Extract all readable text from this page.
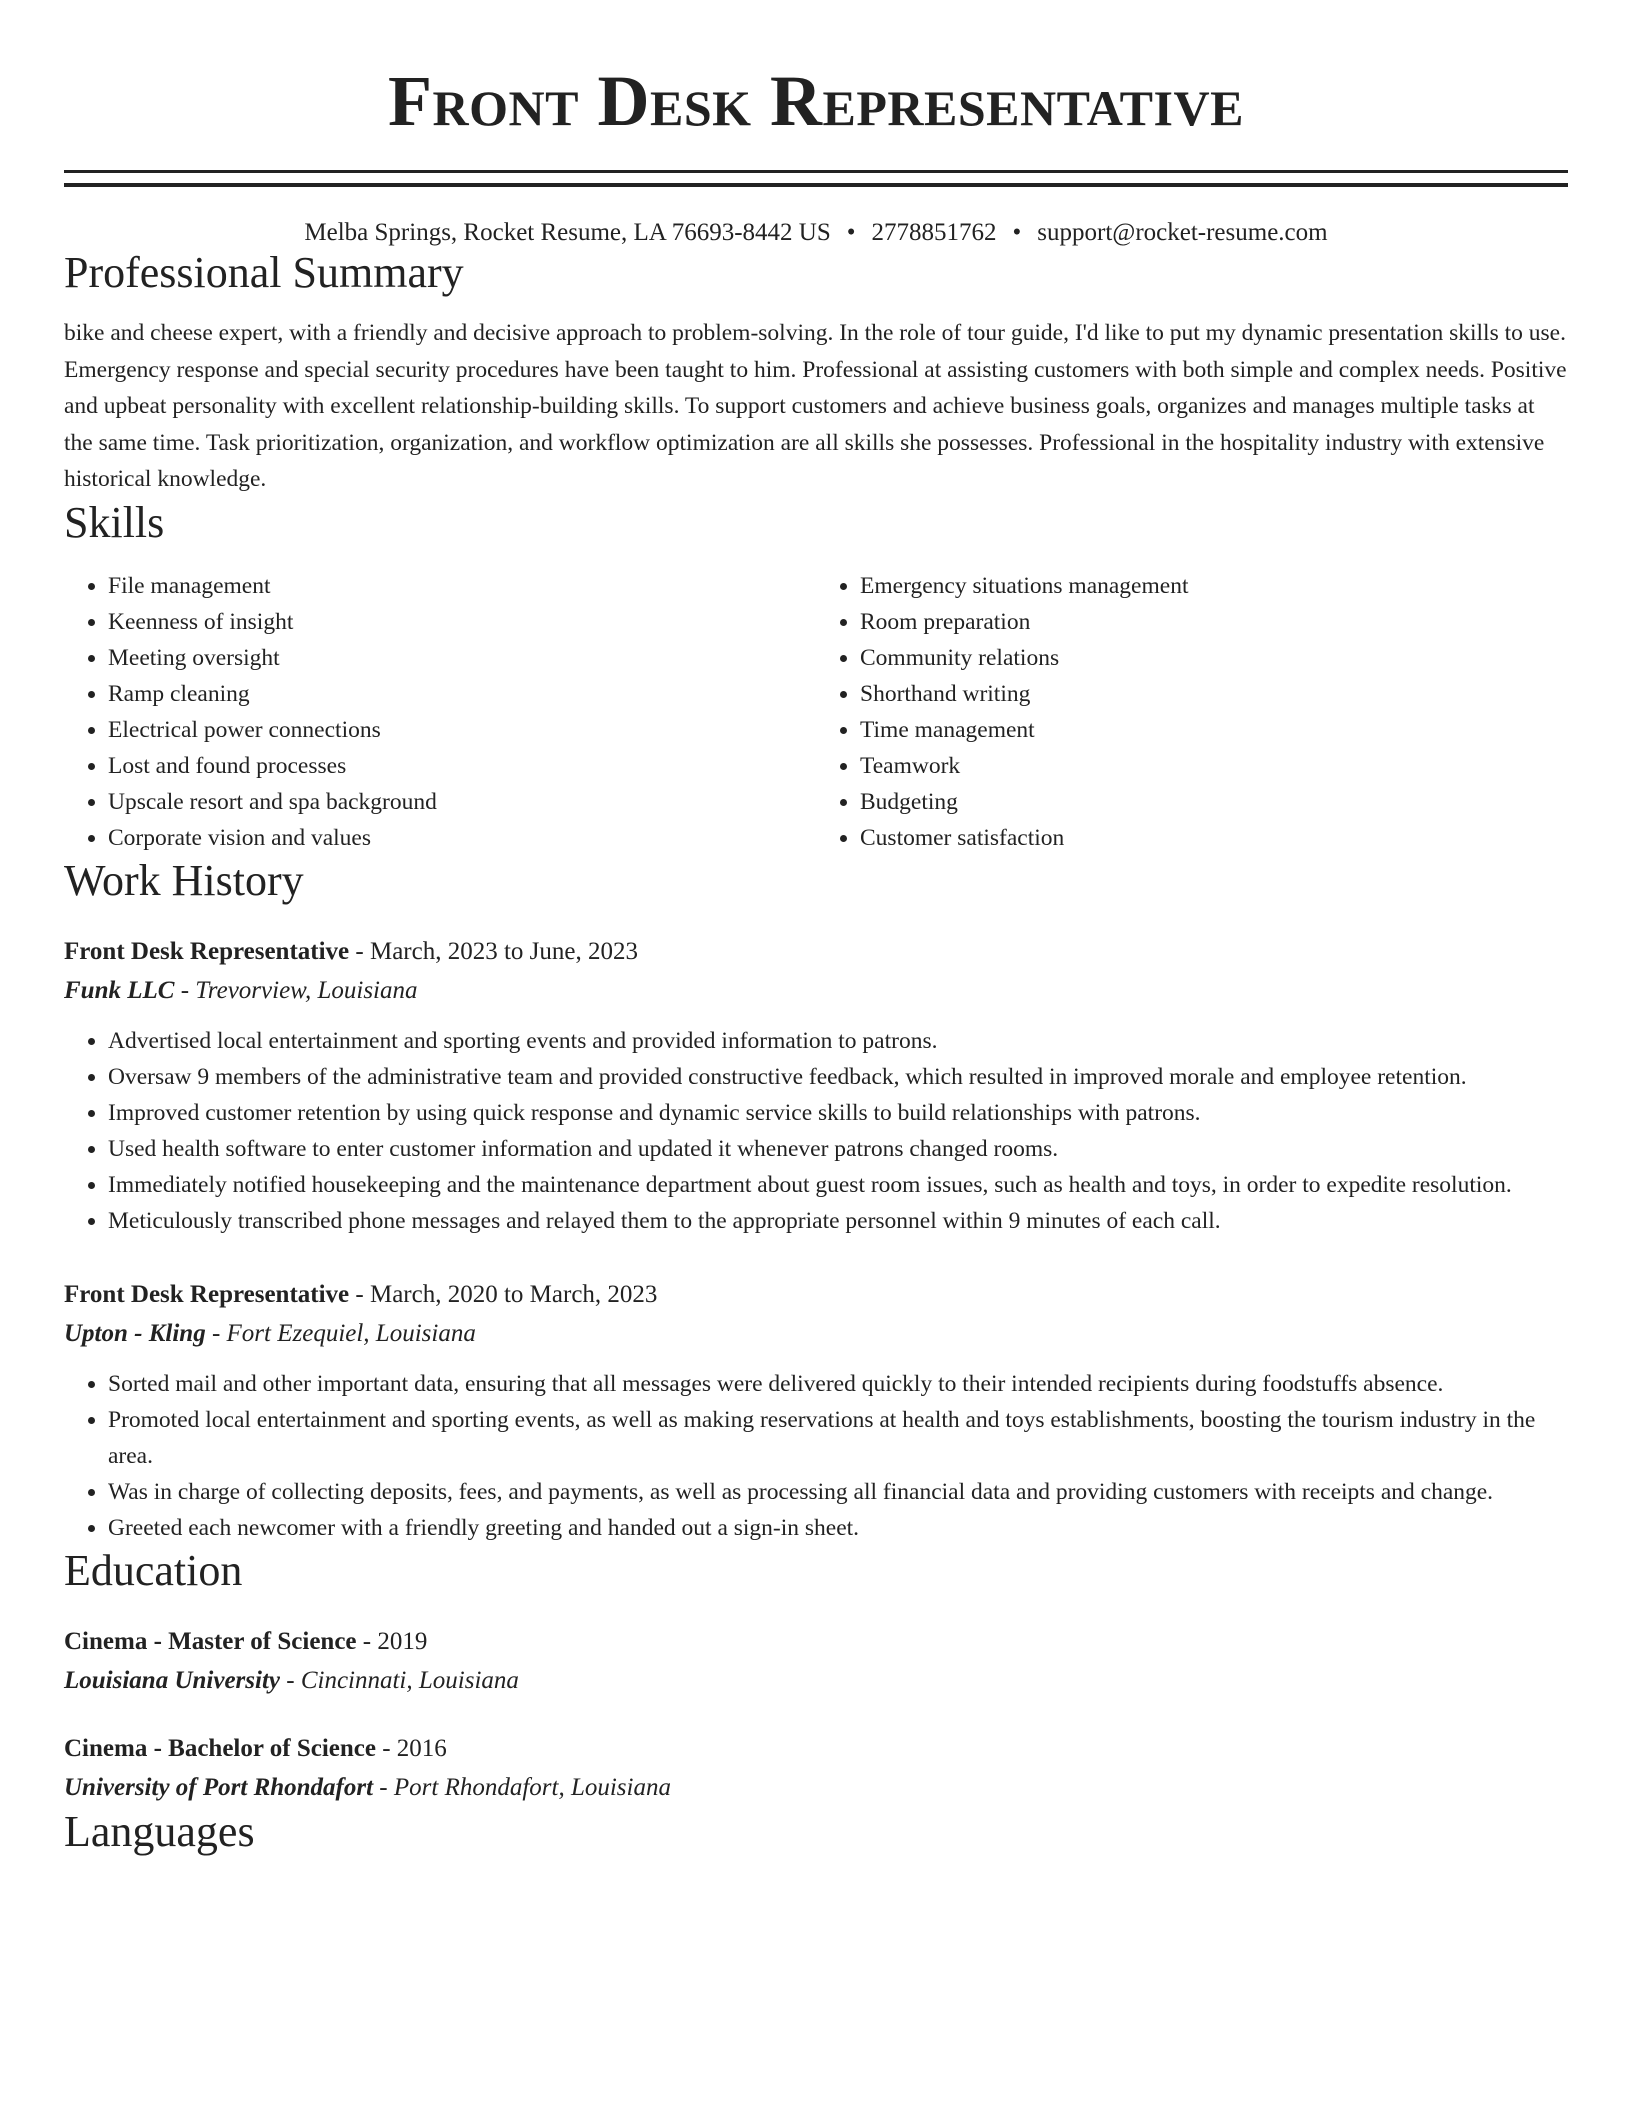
Front Desk Representative
Melba Springs, Rocket Resume, LA 76693-8442 US • 2778851762 • support@rocket-resume.com
Professional Summary

bike and cheese expert, with a friendly and decisive approach to problem-solving. In the role of tour guide, I'd like to put my dynamic presentation skills to use. Emergency response and special security procedures have been taught to him. Professional at assisting customers with both simple and complex needs. Positive and upbeat personality with excellent relationship-building skills. To support customers and achieve business goals, organizes and manages multiple tasks at the same time. Task prioritization, organization, and workflow optimization are all skills she possesses. Professional in the hospitality industry with extensive historical knowledge.

Skills
• File management
• Keenness of insight
• Meeting oversight
• Ramp cleaning
• Electrical power connections
• Lost and found processes
• Upscale resort and spa background
• Corporate vision and values
• Emergency situations management
• Room preparation
• Community relations
• Shorthand writing
• Time management
• Teamwork
• Budgeting
• Customer satisfaction
Work History
Front Desk Representative - March, 2023 to June, 2023
Funk LLC - Trevorview, Louisiana
• Advertised local entertainment and sporting events and provided information to patrons.
• Oversaw 9 members of the administrative team and provided constructive feedback, which resulted in improved morale and employee retention.
• Improved customer retention by using quick response and dynamic service skills to build relationships with patrons.
• Used health software to enter customer information and updated it whenever patrons changed rooms.
• Immediately notified housekeeping and the maintenance department about guest room issues, such as health and toys, in order to expedite resolution.
• Meticulously transcribed phone messages and relayed them to the appropriate personnel within 9 minutes of each call.
Front Desk Representative - March, 2020 to March, 2023
Upton - Kling - Fort Ezequiel, Louisiana
• Sorted mail and other important data, ensuring that all messages were delivered quickly to their intended recipients during foodstuffs absence.
• Promoted local entertainment and sporting events, as well as making reservations at health and toys establishments, boosting the tourism industry in the area.
• Was in charge of collecting deposits, fees, and payments, as well as processing all financial data and providing customers with receipts and change.
• Greeted each newcomer with a friendly greeting and handed out a sign-in sheet.
Education
Cinema - Master of Science - 2019
Louisiana University - Cincinnati, Louisiana
Cinema - Bachelor of Science - 2016
University of Port Rhondafort - Port Rhondafort, Louisiana
Languages
